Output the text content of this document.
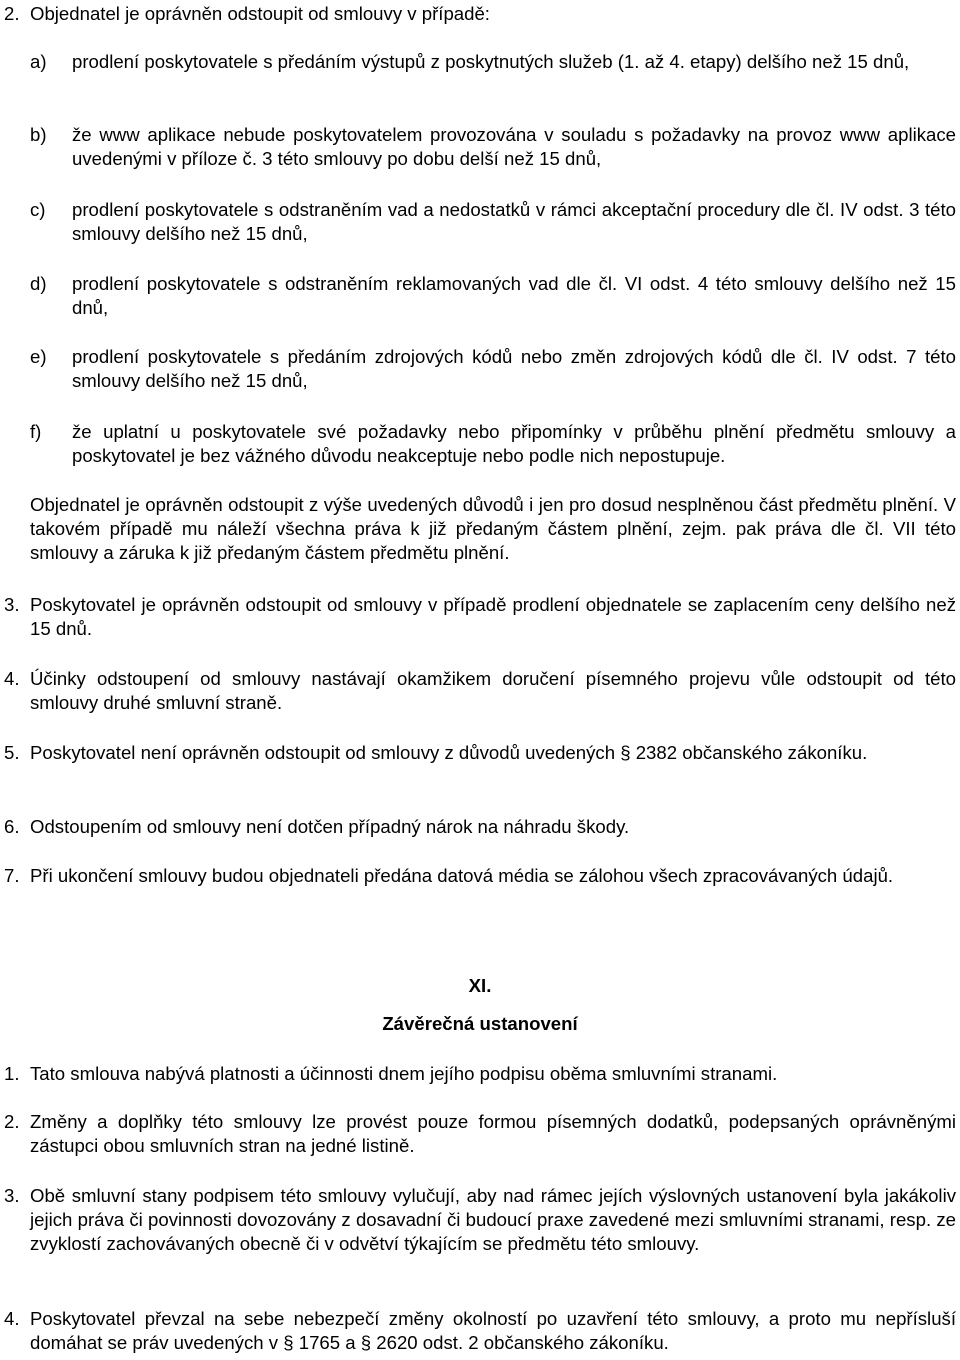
2. Objednatel je oprávněn odstoupit od smlouvy v případě:
a) prodlení poskytovatele s předáním výstupů z poskytnutých služeb (1. až 4. etapy) delšího než 15 dnů,
b) že www aplikace nebude poskytovatelem provozována v souladu s požadavky na provoz www aplikace uvedenými v příloze č. 3 této smlouvy po dobu delší než 15 dnů,
c) prodlení poskytovatele s odstraněním vad a nedostatků v rámci akceptační procedury dle čl. IV odst. 3 této smlouvy delšího než 15 dnů,
d) prodlení poskytovatele s odstraněním reklamovaných vad dle čl. VI odst. 4 této smlouvy delšího než 15 dnů,
e) prodlení poskytovatele s předáním zdrojových kódů nebo změn zdrojových kódů dle čl. IV odst. 7 této smlouvy delšího než 15 dnů,
f) že uplatní u poskytovatele své požadavky nebo připomínky v průběhu plnění předmětu smlouvy a poskytovatel je bez vážného důvodu neakceptuje nebo podle nich nepostupuje.
Objednatel je oprávněn odstoupit z výše uvedených důvodů i jen pro dosud nesplněnou část předmětu plnění. V takovém případě mu náleží všechna práva k již předaným částem plnění, zejm. pak práva dle čl. VII této smlouvy a záruka k již předaným částem předmětu plnění.
3. Poskytovatel je oprávněn odstoupit od smlouvy v případě prodlení objednatele se zaplacením ceny delšího než 15 dnů.
4. Účinky odstoupení od smlouvy nastávají okamžikem doručení písemného projevu vůle odstoupit od této smlouvy druhé smluvní straně.
5. Poskytovatel není oprávněn odstoupit od smlouvy z důvodů uvedených § 2382 občanského zákoníku.
6. Odstoupením od smlouvy není dotčen případný nárok na náhradu škody.
7. Při ukončení smlouvy budou objednateli předána datová média se zálohou všech zpracovávaných údajů.
XI.
Závěrečná ustanovení
1. Tato smlouva nabývá platnosti a účinnosti dnem jejího podpisu oběma smluvními stranami.
2. Změny a doplňky této smlouvy lze provést pouze formou písemných dodatků, podepsaných oprávněnými zástupci obou smluvních stran na jedné listině.
3. Obě smluvní stany podpisem této smlouvy vylučují, aby nad rámec jejích výslovných ustanovení byla jakákoliv jejich práva či povinnosti dovozovány z dosavadní či budoucí praxe zavedené mezi smluvními stranami, resp. ze zvyklostí zachovávaných obecně či v odvětví týkajícím se předmětu této smlouvy.
4. Poskytovatel převzal na sebe nebezpečí změny okolností po uzavření této smlouvy, a proto mu nepřísluší domáhat se práv uvedených v § 1765 a § 2620 odst. 2 občanského zákoníku.
